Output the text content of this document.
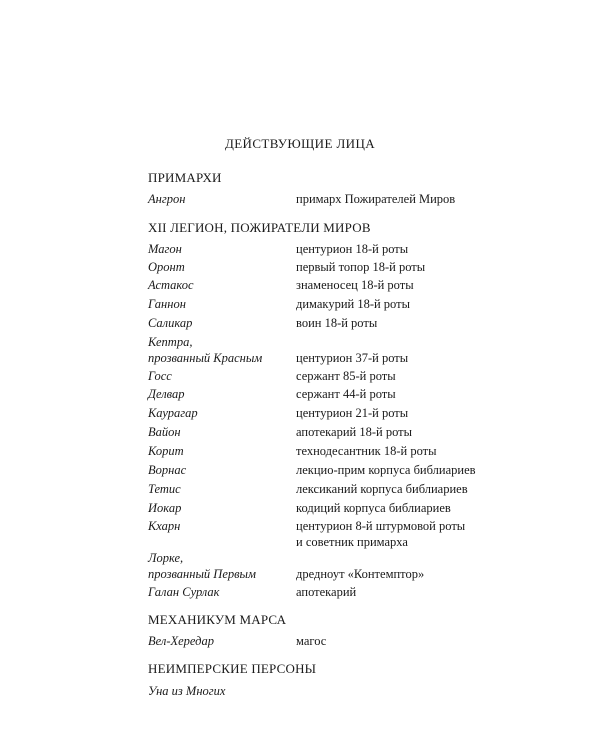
ДЕЙСТВУЮЩИЕ ЛИЦА
ПРИМАРХИ
Ангрон	примарх Пожирателей Миров
XII ЛЕГИОН, ПОЖИРАТЕЛИ МИРОВ
Магон	центурион 18-й роты
Оронт	первый топор 18-й роты
Астакос	знаменосец 18-й роты
Ганнон	димакурий 18-й роты
Саликар	воин 18-й роты
Кептра,
прозванный Красным	центурион 37-й роты
Госс	сержант 85-й роты
Делвар	сержант 44-й роты
Каурагар	центурион 21-й роты
Вайон	апотекарий 18-й роты
Корит	технодесантник 18-й роты
Ворнас	лекцио-прим корпуса библиариев
Тетис	лексиканий корпуса библиариев
Иокар	кодиций корпуса библиариев
Кхарн	центурион 8-й штурмовой роты
и советник примарха
Лорке,
прозванный Первым	дредноут «Контемптор»
Галан Сурлак	апотекарий
МЕХАНИКУМ МАРСА
Вел-Хередар	магос
НЕИМПЕРСКИЕ ПЕРСОНЫ
Уна из Многих
